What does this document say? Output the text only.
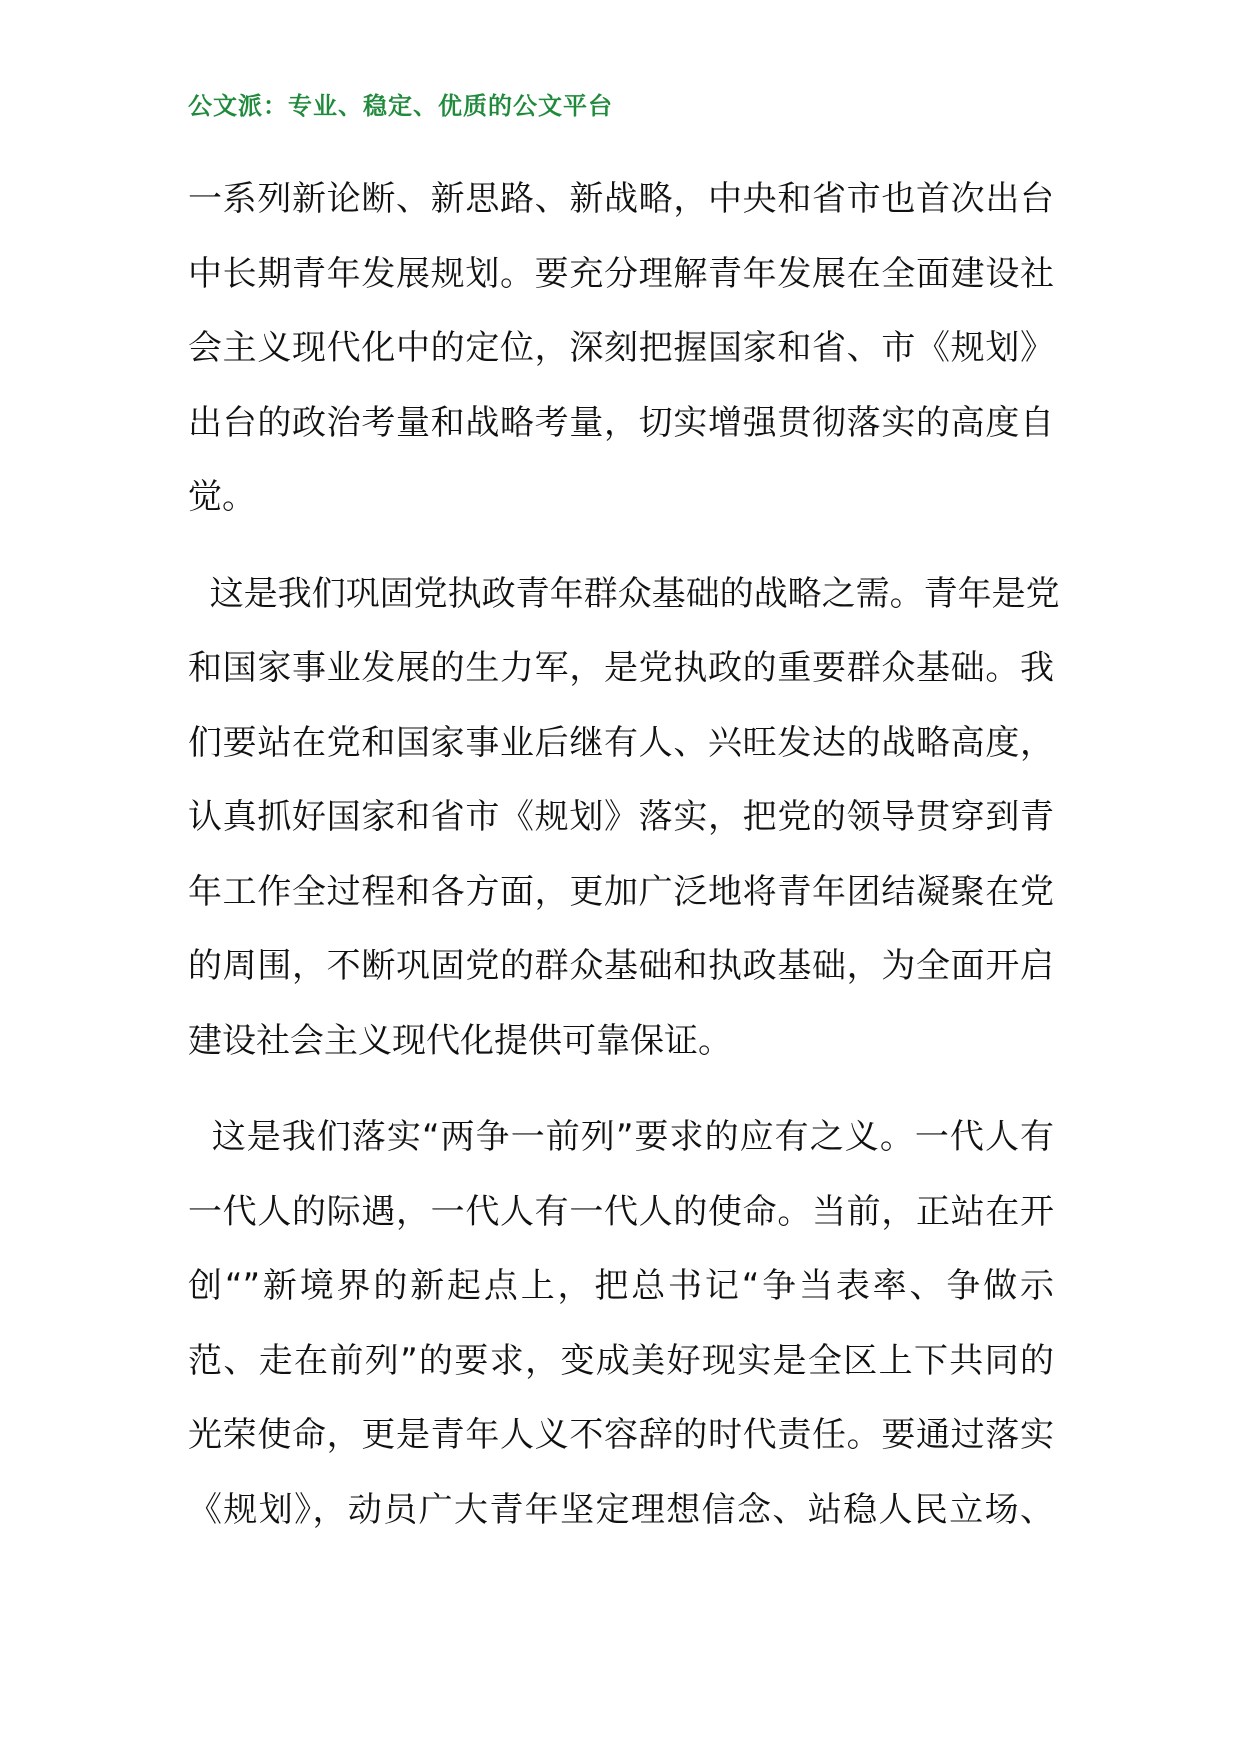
公文派：专业、稳定、优质的公文平台
一系列新论断、新思路、新战略，中央和省市也首次出台
中长期青年发展规划。要充分理解青年发展在全面建设社
会主义现代化中的定位，深刻把握国家和省、市《规划》
出台的政治考量和战略考量，切实增强贯彻落实的高度自
觉。
这是我们巩固党执政青年群众基础的战略之需。青年是党
和国家事业发展的生力军，是党执政的重要群众基础。我
们要站在党和国家事业后继有人、兴旺发达的战略高度，
认真抓好国家和省市《规划》落实，把党的领导贯穿到青
年工作全过程和各方面，更加广泛地将青年团结凝聚在党
的周围，不断巩固党的群众基础和执政基础，为全面开启
建设社会主义现代化提供可靠保证。
这是我们落实“两争一前列”要求的应有之义。一代人有
一代人的际遇，一代人有一代人的使命。当前，正站在开
创“”新境界的新起点上，把总书记“争当表率、争做示
范、走在前列”的要求，变成美好现实是全区上下共同的
光荣使命，更是青年人义不容辞的时代责任。要通过落实
《规划》，动员广大青年坚定理想信念、站稳人民立场、
